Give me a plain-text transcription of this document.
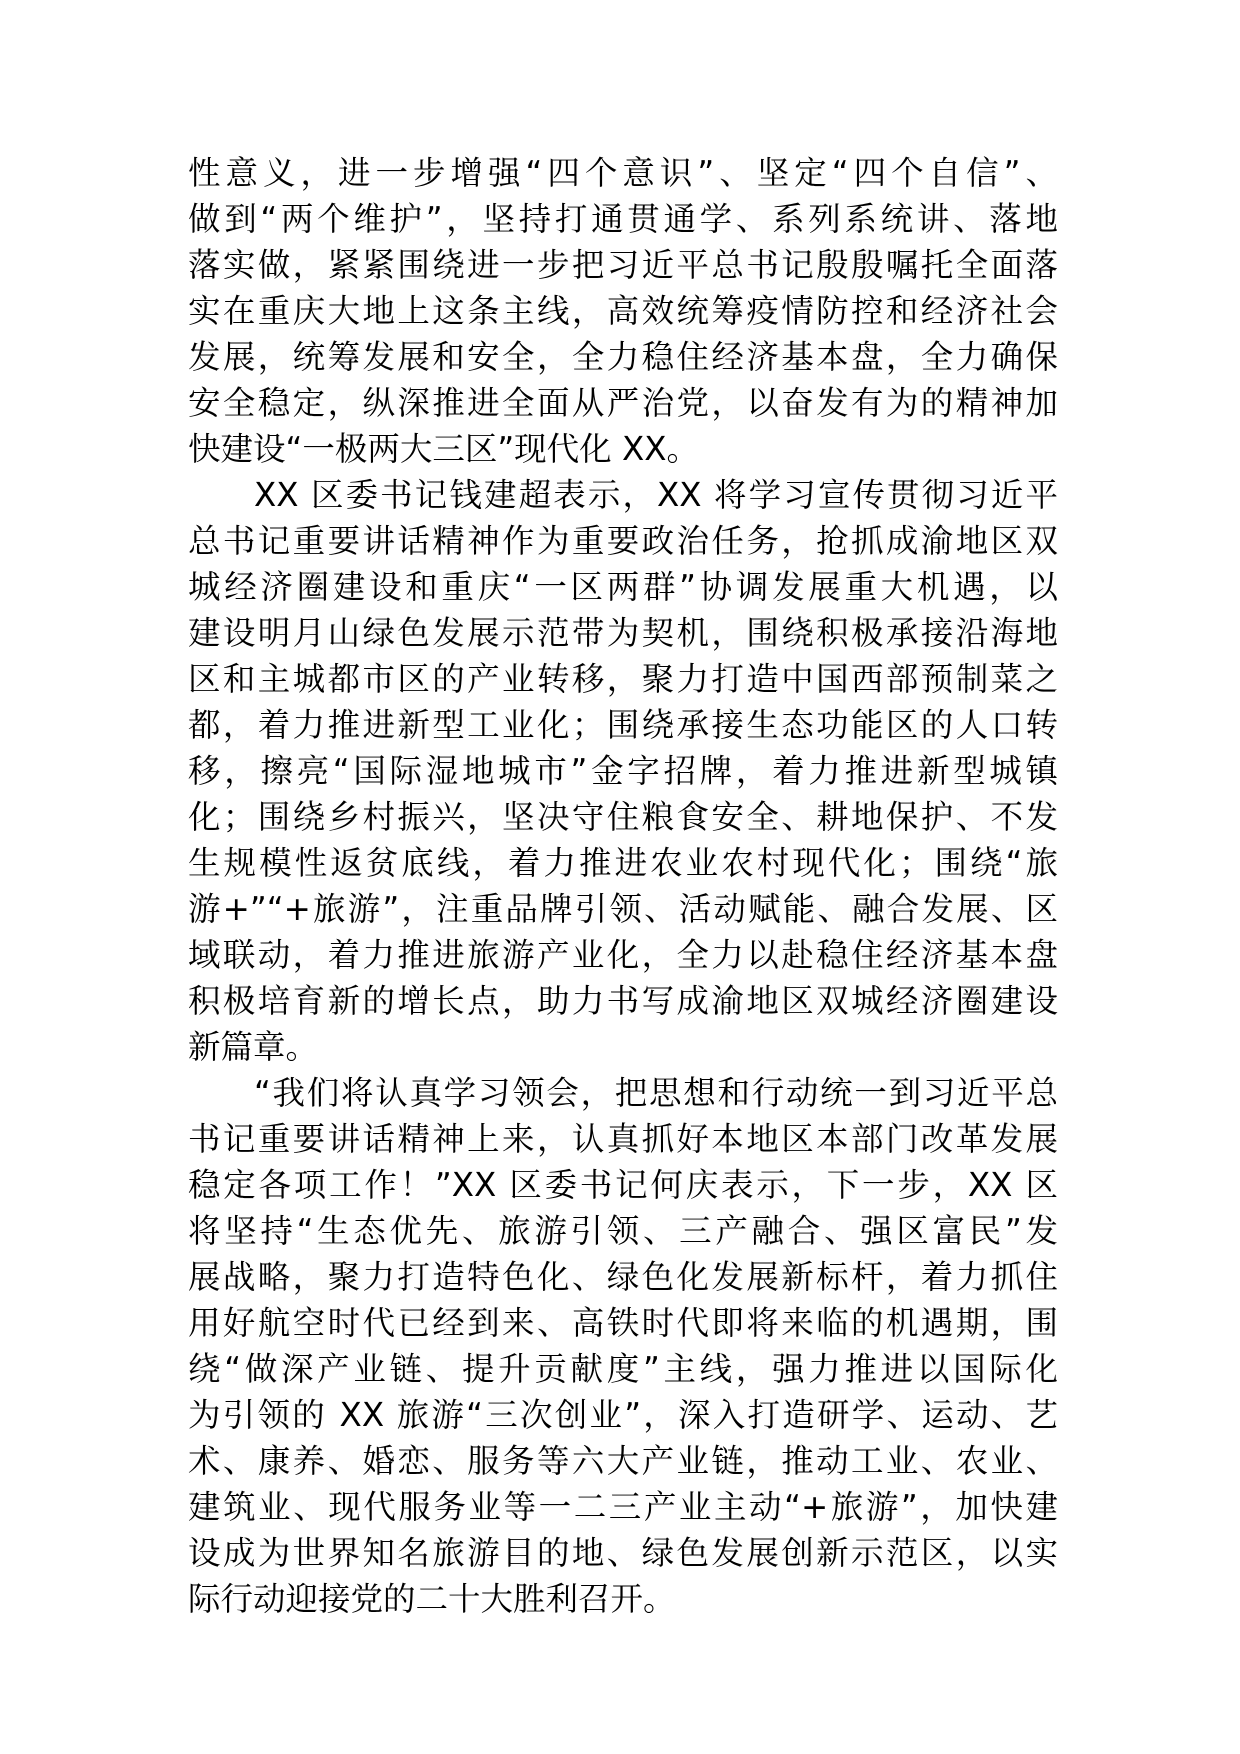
性意义，进一步增强“四个意识”、坚定“四个自信”、
做到“两个维护”，坚持打通贯通学、系列系统讲、落地
落实做，紧紧围绕进一步把习近平总书记殷殷嘱托全面落
实在重庆大地上这条主线，高效统筹疫情防控和经济社会
发展，统筹发展和安全，全力稳住经济基本盘，全力确保
安全稳定，纵深推进全面从严治党，以奋发有为的精神加
快建设“一极两大三区”现代化 XX。
XX 区委书记钱建超表示，XX 将学习宣传贯彻习近平
总书记重要讲话精神作为重要政治任务，抢抓成渝地区双
城经济圈建设和重庆“一区两群”协调发展重大机遇，以
建设明月山绿色发展示范带为契机，围绕积极承接沿海地
区和主城都市区的产业转移，聚力打造中国西部预制菜之
都，着力推进新型工业化；围绕承接生态功能区的人口转
移，擦亮“国际湿地城市”金字招牌，着力推进新型城镇
化；围绕乡村振兴，坚决守住粮食安全、耕地保护、不发
生规模性返贫底线，着力推进农业农村现代化；围绕“旅
游+”“+旅游”，注重品牌引领、活动赋能、融合发展、区
域联动，着力推进旅游产业化，全力以赴稳住经济基本盘
积极培育新的增长点，助力书写成渝地区双城经济圈建设
新篇章。
“我们将认真学习领会，把思想和行动统一到习近平总
书记重要讲话精神上来，认真抓好本地区本部门改革发展
稳定各项工作！”XX 区委书记何庆表示，下一步，XX 区
将坚持“生态优先、旅游引领、三产融合、强区富民”发
展战略，聚力打造特色化、绿色化发展新标杆，着力抓住
用好航空时代已经到来、高铁时代即将来临的机遇期，围
绕“做深产业链、提升贡献度”主线，强力推进以国际化
为引领的 XX 旅游“三次创业”，深入打造研学、运动、艺
术、康养、婚恋、服务等六大产业链，推动工业、农业、
建筑业、现代服务业等一二三产业主动“+旅游”，加快建
设成为世界知名旅游目的地、绿色发展创新示范区，以实
际行动迎接党的二十大胜利召开。
